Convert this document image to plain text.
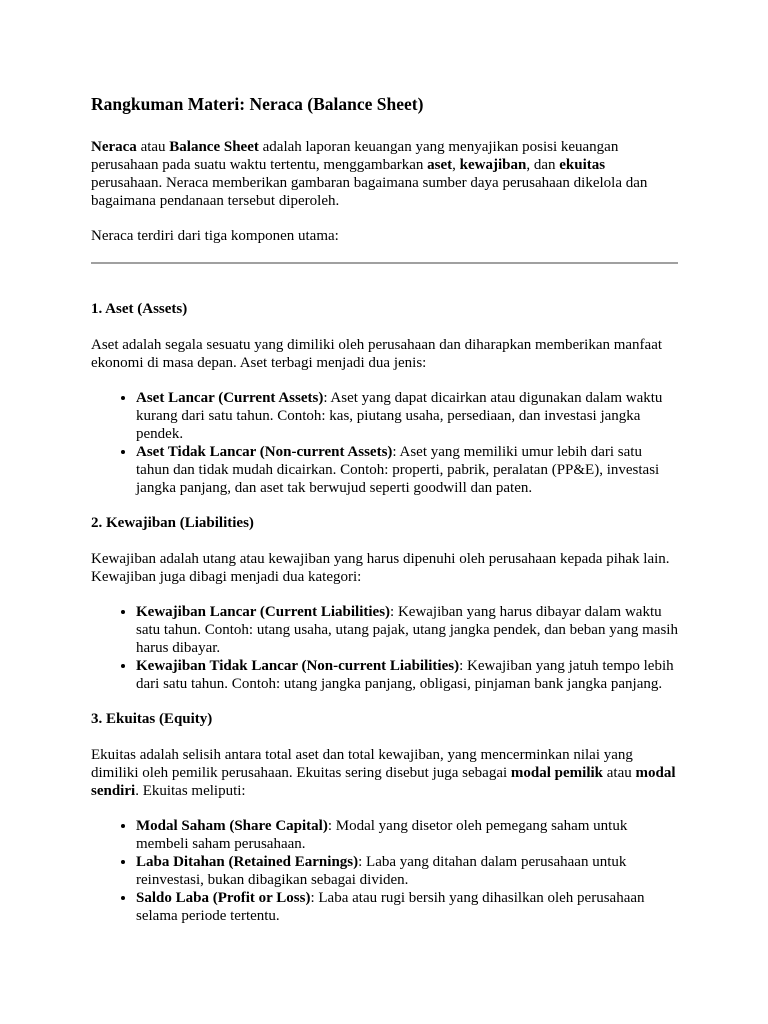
Rangkuman Materi: Neraca (Balance Sheet)

Neraca atau Balance Sheet adalah laporan keuangan yang menyajikan posisi keuangan perusahaan pada suatu waktu tertentu, menggambarkan aset, kewajiban, dan ekuitas perusahaan. Neraca memberikan gambaran bagaimana sumber daya perusahaan dikelola dan bagaimana pendanaan tersebut diperoleh.

Neraca terdiri dari tiga komponen utama:

1. Aset (Assets)

Aset adalah segala sesuatu yang dimiliki oleh perusahaan dan diharapkan memberikan manfaat ekonomi di masa depan. Aset terbagi menjadi dua jenis:

• Aset Lancar (Current Assets): Aset yang dapat dicairkan atau digunakan dalam waktu kurang dari satu tahun. Contoh: kas, piutang usaha, persediaan, dan investasi jangka pendek.
• Aset Tidak Lancar (Non-current Assets): Aset yang memiliki umur lebih dari satu tahun dan tidak mudah dicairkan. Contoh: properti, pabrik, peralatan (PP&E), investasi jangka panjang, dan aset tak berwujud seperti goodwill dan paten.
2. Kewajiban (Liabilities)

Kewajiban adalah utang atau kewajiban yang harus dipenuhi oleh perusahaan kepada pihak lain. Kewajiban juga dibagi menjadi dua kategori:

• Kewajiban Lancar (Current Liabilities): Kewajiban yang harus dibayar dalam waktu satu tahun. Contoh: utang usaha, utang pajak, utang jangka pendek, dan beban yang masih harus dibayar.
• Kewajiban Tidak Lancar (Non-current Liabilities): Kewajiban yang jatuh tempo lebih dari satu tahun. Contoh: utang jangka panjang, obligasi, pinjaman bank jangka panjang.
3. Ekuitas (Equity)

Ekuitas adalah selisih antara total aset dan total kewajiban, yang mencerminkan nilai yang dimiliki oleh pemilik perusahaan. Ekuitas sering disebut juga sebagai modal pemilik atau modal sendiri. Ekuitas meliputi:

• Modal Saham (Share Capital): Modal yang disetor oleh pemegang saham untuk membeli saham perusahaan.
• Laba Ditahan (Retained Earnings): Laba yang ditahan dalam perusahaan untuk reinvestasi, bukan dibagikan sebagai dividen.
• Saldo Laba (Profit or Loss): Laba atau rugi bersih yang dihasilkan oleh perusahaan selama periode tertentu.
